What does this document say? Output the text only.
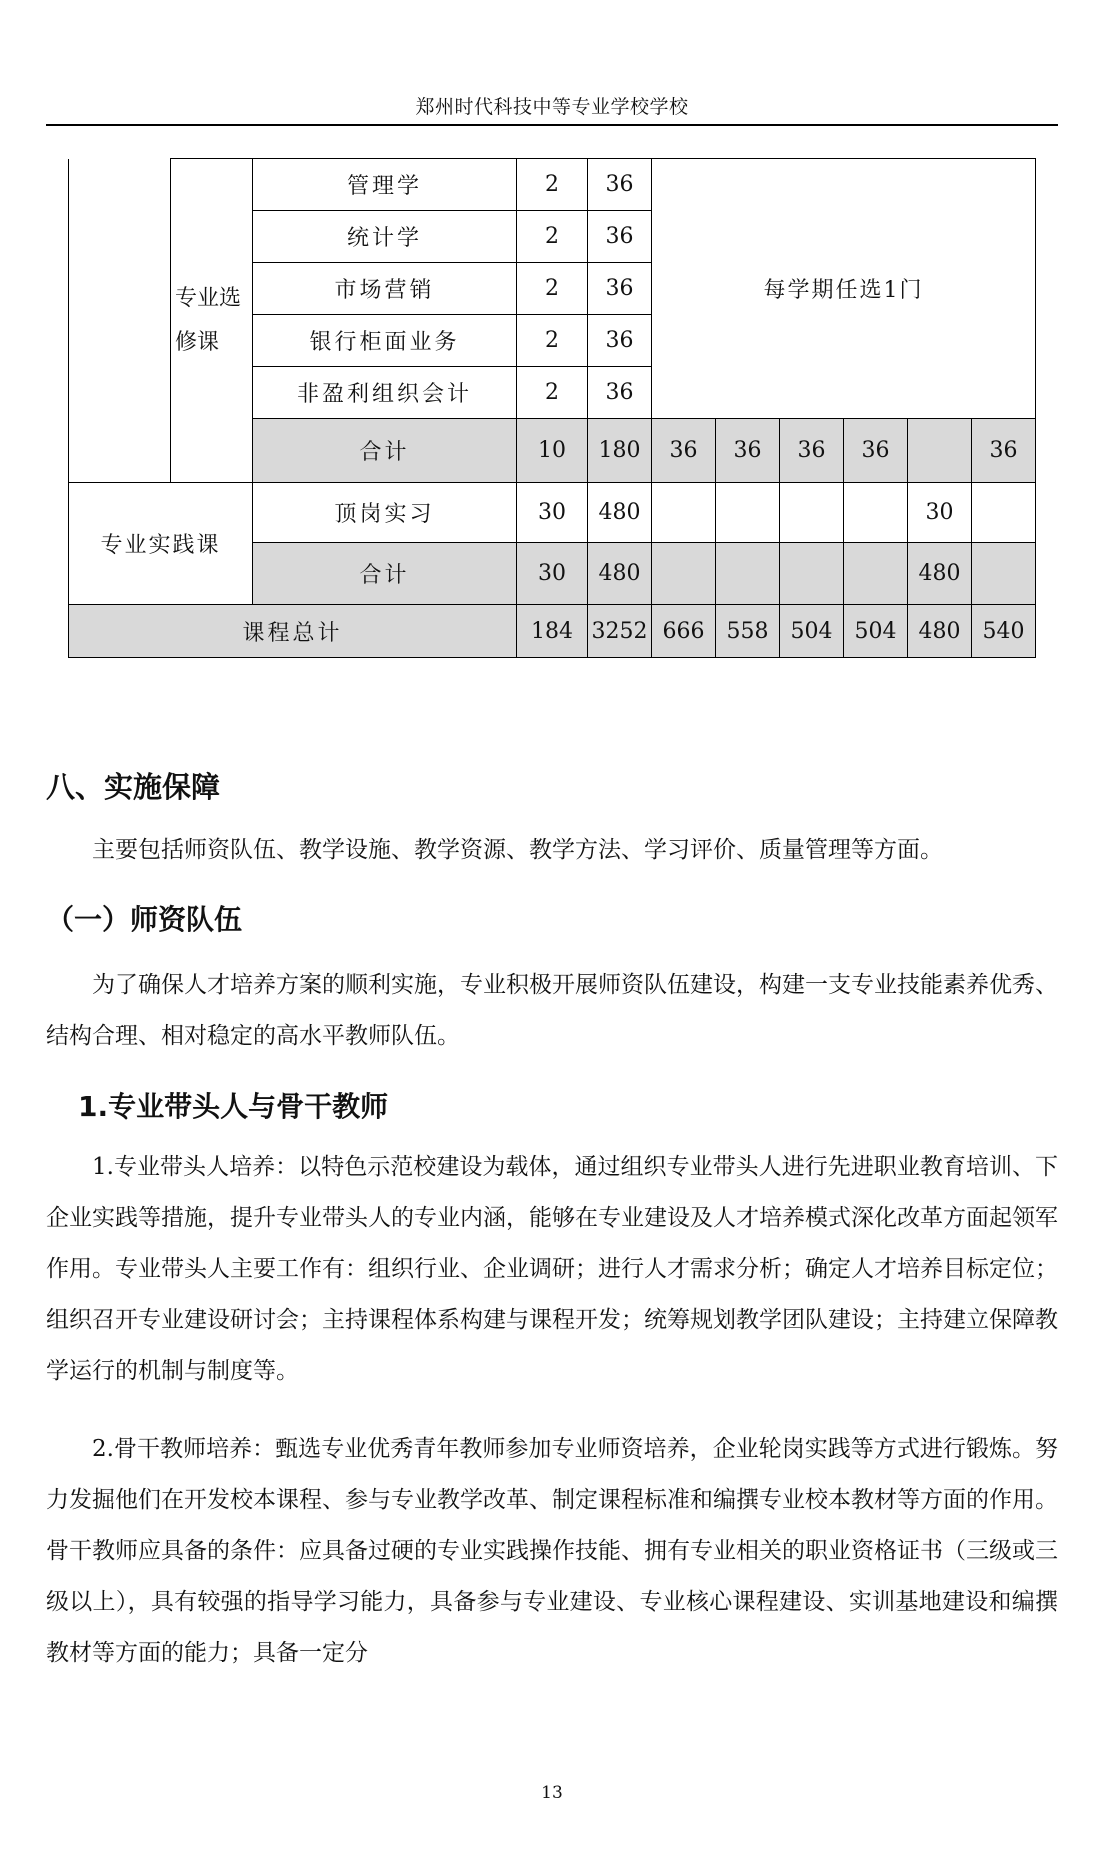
郑州时代科技中等专业学校学校
	专业选修课	管理学	2	36	每学期任选1门					
		统计学	2	36						
		市场营销	2	36						
		银行柜面业务	2	36						
		非盈利组织会计	2	36						
		合计	10	180	36	36	36	36		36
专业实践课		顶岗实习	30	480					30	
		合计	30	480					480	
课程总计			184	3252	666	558	504	504	480	540
八、实施保障

主要包括师资队伍、教学设施、教学资源、教学方法、学习评价、质量管理等方面。

（一）师资队伍

为了确保人才培养方案的顺利实施，专业积极开展师资队伍建设，构建一支专业技能素养优秀、结构合理、相对稳定的高水平教师队伍。

1.专业带头人与骨干教师

1.专业带头人培养：以特色示范校建设为载体，通过组织专业带头人进行先进职业教育培训、下企业实践等措施，提升专业带头人的专业内涵，能够在专业建设及人才培养模式深化改革方面起领军作用。专业带头人主要工作有：组织行业、企业调研；进行人才需求分析；确定人才培养目标定位；组织召开专业建设研讨会；主持课程体系构建与课程开发；统筹规划教学团队建设；主持建立保障教学运行的机制与制度等。

2.骨干教师培养：甄选专业优秀青年教师参加专业师资培养，企业轮岗实践等方式进行锻炼。努力发掘他们在开发校本课程、参与专业教学改革、制定课程标准和编撰专业校本教材等方面的作用。骨干教师应具备的条件：应具备过硬的专业实践操作技能、拥有专业相关的职业资格证书（三级或三级以上），具有较强的指导学习能力，具备参与专业建设、专业核心课程建设、实训基地建设和编撰教材等方面的能力；具备一定分

13
